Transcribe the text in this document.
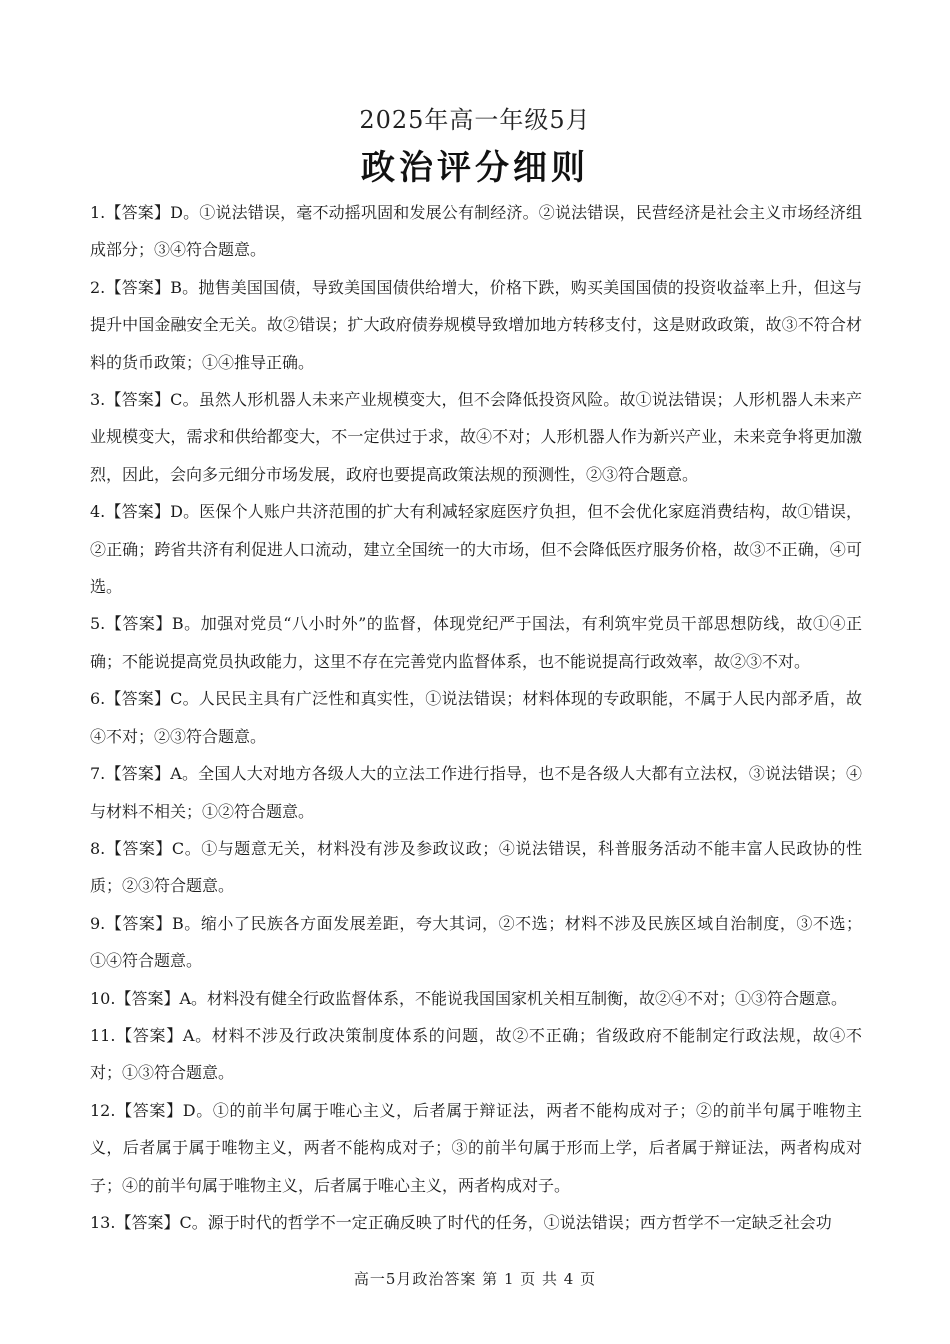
2025年高一年级5月
政治评分细则

1.【答案】D。①说法错误，毫不动摇巩固和发展公有制经济。②说法错误，民营经济是社会主义市场经济组成部分；③④符合题意。

2.【答案】B。抛售美国国债，导致美国国债供给增大，价格下跌，购买美国国债的投资收益率上升，但这与提升中国金融安全无关。故②错误；扩大政府债券规模导致增加地方转移支付，这是财政政策，故③不符合材料的货币政策；①④推导正确。

3.【答案】C。虽然人形机器人未来产业规模变大，但不会降低投资风险。故①说法错误；人形机器人未来产业规模变大，需求和供给都变大，不一定供过于求，故④不对；人形机器人作为新兴产业，未来竞争将更加激烈，因此，会向多元细分市场发展，政府也要提高政策法规的预测性，②③符合题意。

4.【答案】D。医保个人账户共济范围的扩大有利减轻家庭医疗负担，但不会优化家庭消费结构，故①错误，②正确；跨省共济有利促进人口流动，建立全国统一的大市场，但不会降低医疗服务价格，故③不正确，④可选。

5.【答案】B。加强对党员“八小时外”的监督，体现党纪严于国法，有利筑牢党员干部思想防线，故①④正确；不能说提高党员执政能力，这里不存在完善党内监督体系，也不能说提高行政效率，故②③不对。

6.【答案】C。人民民主具有广泛性和真实性，①说法错误；材料体现的专政职能，不属于人民内部矛盾，故④不对；②③符合题意。

7.【答案】A。全国人大对地方各级人大的立法工作进行指导，也不是各级人大都有立法权，③说法错误；④与材料不相关；①②符合题意。

8.【答案】C。①与题意无关，材料没有涉及参政议政；④说法错误，科普服务活动不能丰富人民政协的性质；②③符合题意。

9.【答案】B。缩小了民族各方面发展差距，夸大其词，②不选；材料不涉及民族区域自治制度，③不选；①④符合题意。

10.【答案】A。材料没有健全行政监督体系，不能说我国国家机关相互制衡，故②④不对；①③符合题意。

11.【答案】A。材料不涉及行政决策制度体系的问题，故②不正确；省级政府不能制定行政法规，故④不对；①③符合题意。

12.【答案】D。①的前半句属于唯心主义，后者属于辩证法，两者不能构成对子；②的前半句属于唯物主义，后者属于属于唯物主义，两者不能构成对子；③的前半句属于形而上学，后者属于辩证法，两者构成对子；④的前半句属于唯物主义，后者属于唯心主义，两者构成对子。

13.【答案】C。源于时代的哲学不一定正确反映了时代的任务，①说法错误；西方哲学不一定缺乏社会功

高一5月政治答案 第 1 页 共 4 页
